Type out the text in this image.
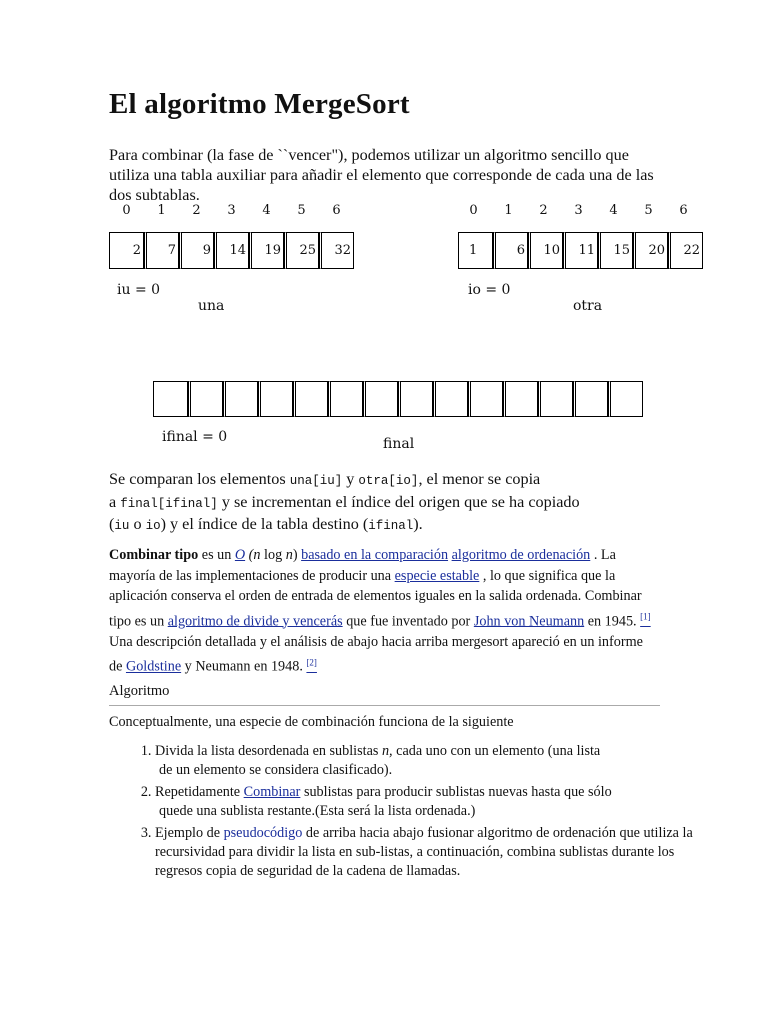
El algoritmo MergeSort
Para combinar (la fase de ``vencer"), podemos utilizar un algoritmo sencillo que utiliza una tabla auxiliar para añadir el elemento que corresponde de cada una de las dos subtablas.
0	1	2	3	4	5	6
2	7	9	14	19	25	32
iu = 0
una
0	1	2	3	4	5	6
1	6	10	11	15	20	22
io = 0
otra
ifinal = 0	final
Se comparan los elementos una[iu] y otra[io], el menor se copia
a final[ifinal] y se incrementan el índice del origen que se ha copiado
(iu o io) y el índice de la tabla destino (ifinal).
Combinar tipo es un O (n log n) basado en la comparación algoritmo de ordenación . La mayoría de las implementaciones de producir una especie estable , lo que significa que la aplicación conserva el orden de entrada de elementos iguales en la salida ordenada. Combinar tipo es un algoritmo de divide y vencerás que fue inventado por John von Neumann en 1945. [1] Una descripción detallada y el análisis de abajo hacia arriba mergesort apareció en un informe de Goldstine y Neumann en 1948. [2]
Algoritmo
Conceptualmente, una especie de combinación funciona de la siguiente
1. Divida la lista desordenada en sublistas n, cada uno con un elemento (una lista
de un elemento se considera clasificado).
2. Repetidamente Combinar sublistas para producir sublistas nuevas hasta que sólo
quede una sublista restante.(Esta será la lista ordenada.)
3. Ejemplo de pseudocódigo de arriba hacia abajo fusionar algoritmo de ordenación que utiliza la recursividad para dividir la lista en sub-listas, a continuación, combina sublistas durante los regresos copia de seguridad de la cadena de llamadas.
